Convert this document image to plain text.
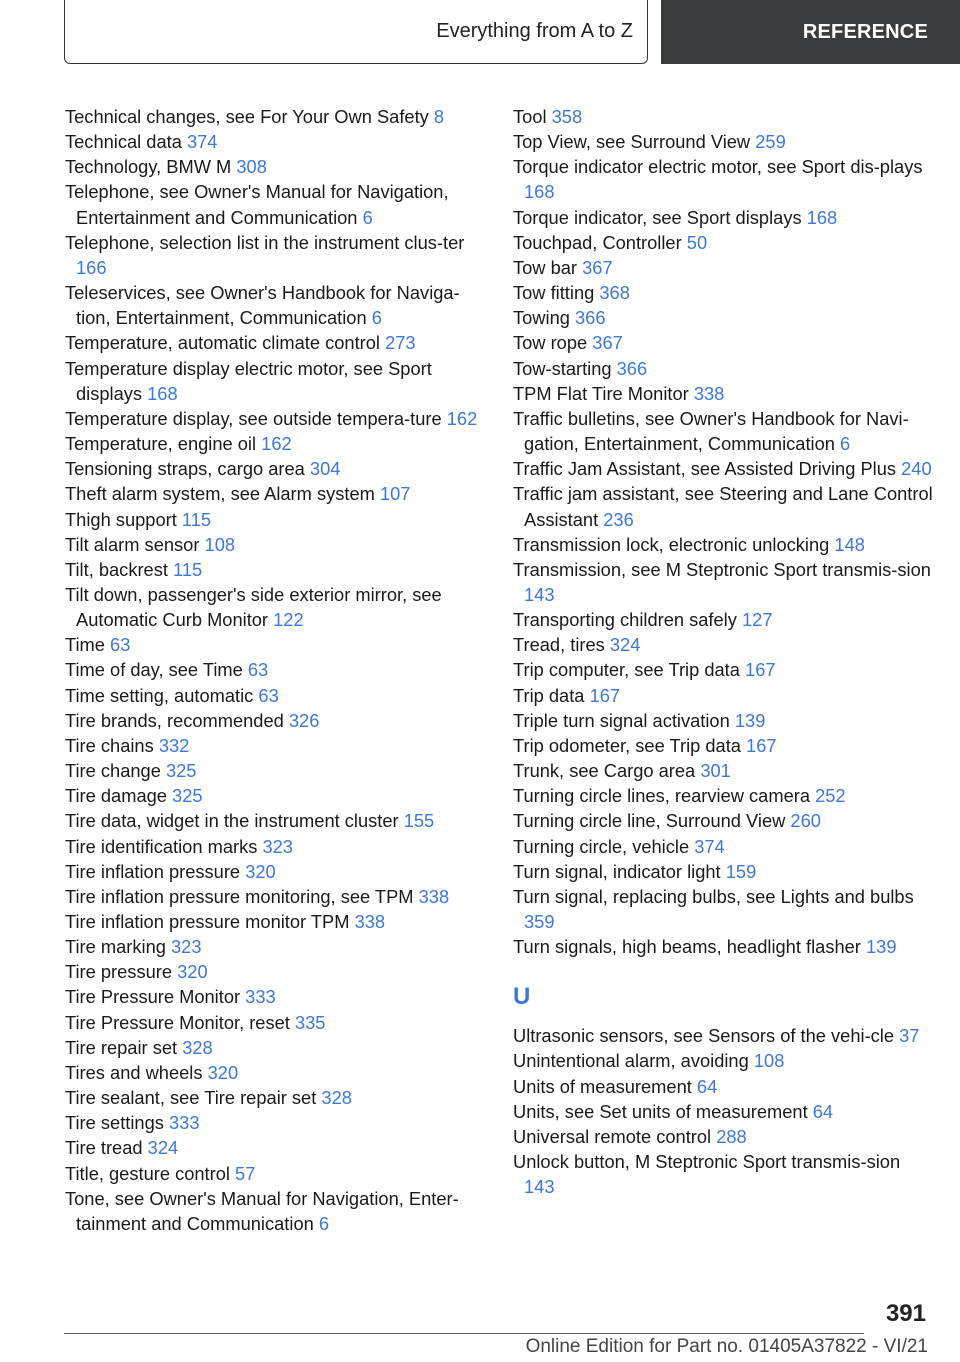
Everything from A to Z	REFERENCE

Technical changes, see For Your Own Safety 8

Technical data 374

Technology, BMW M 308

Telephone, see Owner's Manual for Navigation, Entertainment and Communication 6

Telephone, selection list in the instrument clus-ter 166

Teleservices, see Owner's Handbook for Naviga-tion, Entertainment, Communication 6

Temperature, automatic climate control 273

Temperature display electric motor, see Sport displays 168

Temperature display, see outside tempera-ture 162

Temperature, engine oil 162

Tensioning straps, cargo area 304

Theft alarm system, see Alarm system 107

Thigh support 115

Tilt alarm sensor 108

Tilt, backrest 115

Tilt down, passenger's side exterior mirror, see Automatic Curb Monitor 122

Time 63

Time of day, see Time 63

Time setting, automatic 63

Tire brands, recommended 326

Tire chains 332

Tire change 325

Tire damage 325

Tire data, widget in the instrument cluster 155

Tire identification marks 323

Tire inflation pressure 320

Tire inflation pressure monitoring, see TPM 338

Tire inflation pressure monitor TPM 338

Tire marking 323

Tire pressure 320

Tire Pressure Monitor 333

Tire Pressure Monitor, reset 335

Tire repair set 328

Tires and wheels 320

Tire sealant, see Tire repair set 328

Tire settings 333

Tire tread 324

Title, gesture control 57

Tone, see Owner's Manual for Navigation, Enter-tainment and Communication 6

Tool 358

Top View, see Surround View 259

Torque indicator electric motor, see Sport dis-plays 168

Torque indicator, see Sport displays 168

Touchpad, Controller 50

Tow bar 367

Tow fitting 368

Towing 366

Tow rope 367

Tow-starting 366

TPM Flat Tire Monitor 338

Traffic bulletins, see Owner's Handbook for Navi-gation, Entertainment, Communication 6

Traffic Jam Assistant, see Assisted Driving Plus 240

Traffic jam assistant, see Steering and Lane Control Assistant 236

Transmission lock, electronic unlocking 148

Transmission, see M Steptronic Sport transmis-sion 143

Transporting children safely 127

Tread, tires 324

Trip computer, see Trip data 167

Trip data 167

Triple turn signal activation 139

Trip odometer, see Trip data 167

Trunk, see Cargo area 301

Turning circle lines, rearview camera 252

Turning circle line, Surround View 260

Turning circle, vehicle 374

Turn signal, indicator light 159

Turn signal, replacing bulbs, see Lights and bulbs 359

Turn signals, high beams, headlight flasher 139

U

Ultrasonic sensors, see Sensors of the vehi-cle 37

Unintentional alarm, avoiding 108

Units of measurement 64

Units, see Set units of measurement 64

Universal remote control 288

Unlock button, M Steptronic Sport transmis-sion 143

391
Online Edition for Part no. 01405A37822 - VI/21
